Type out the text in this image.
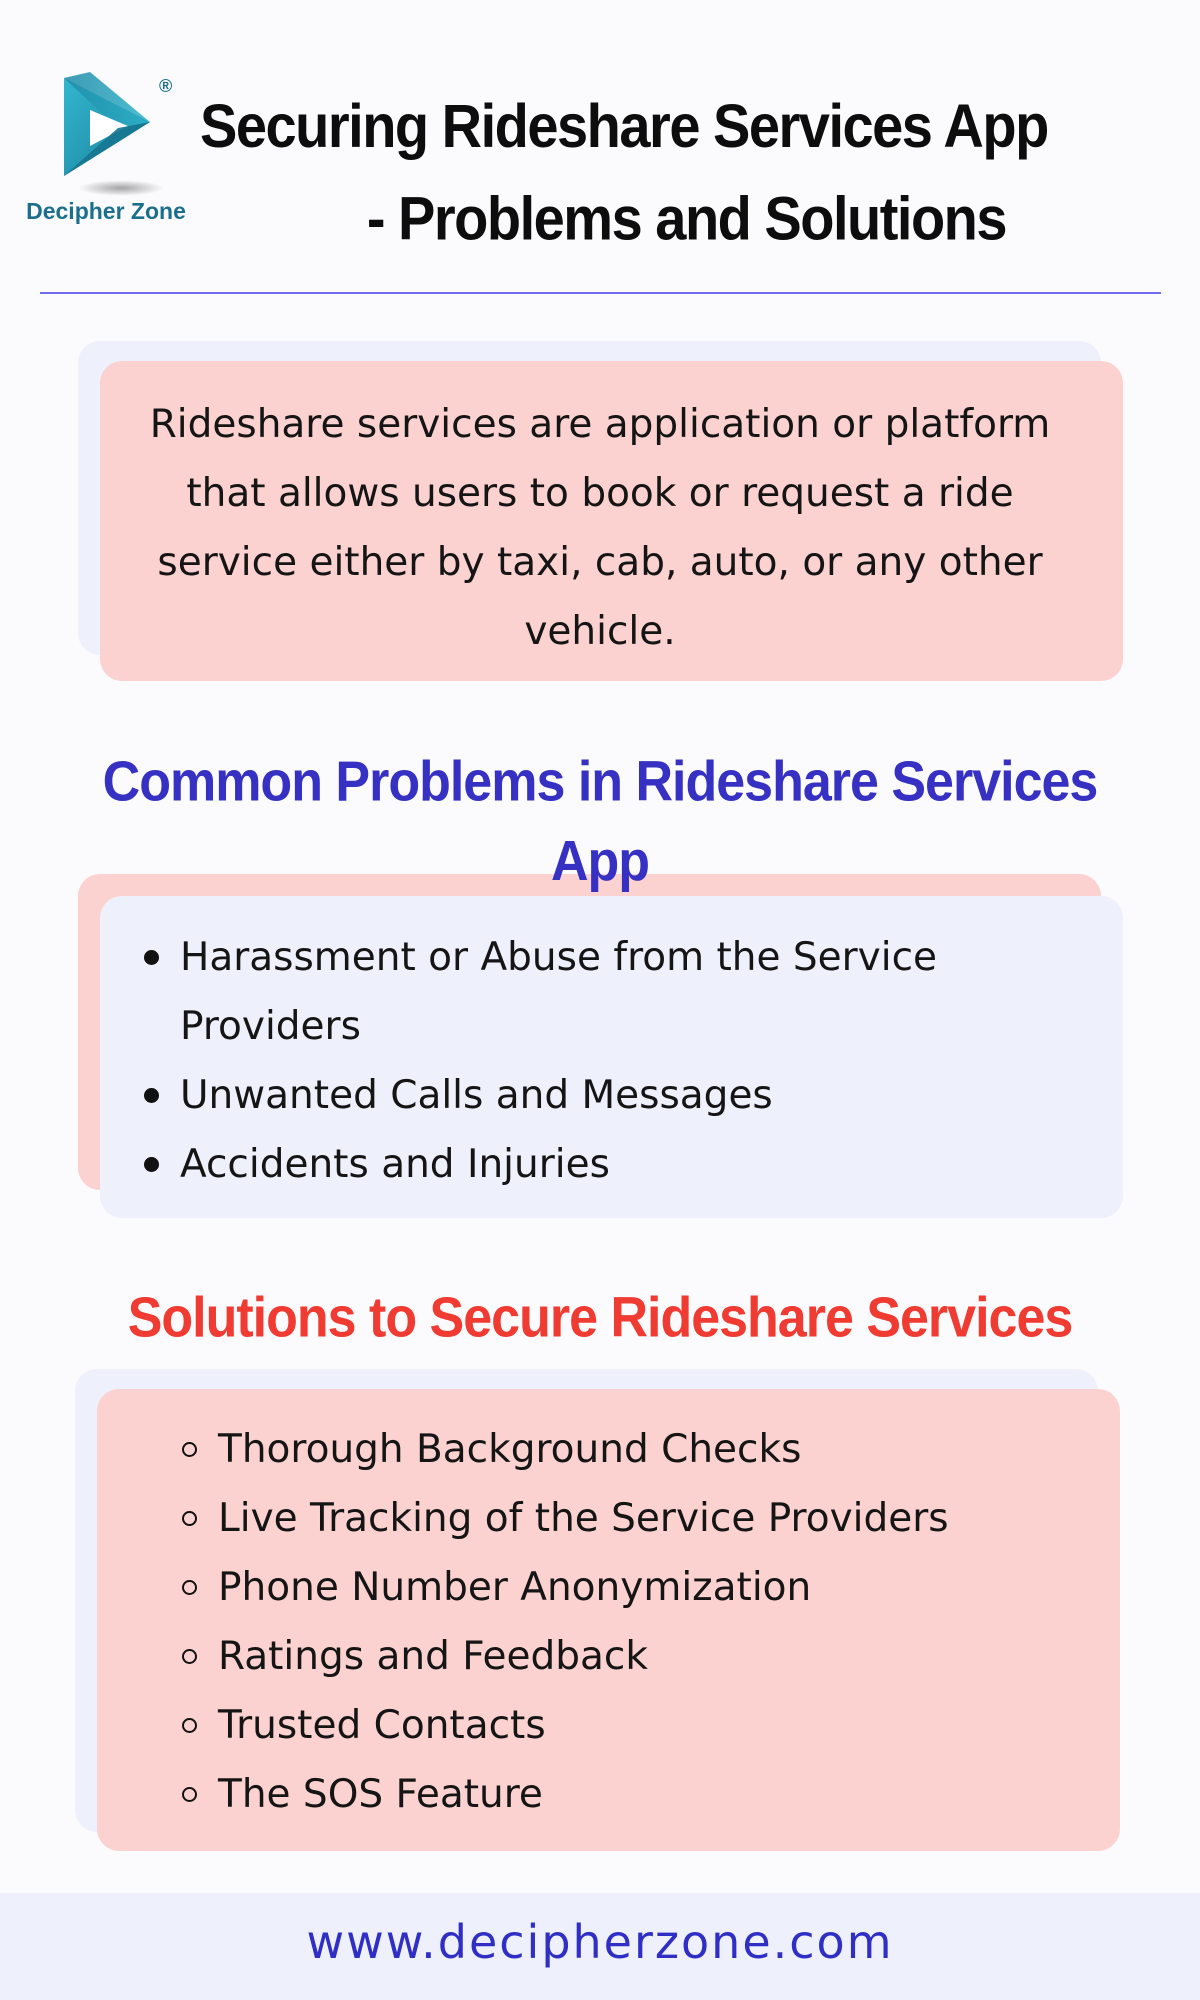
®
Decipher Zone
Securing Rideshare Services App
- Problems and Solutions
Rideshare services are application or platform that allows users to book or request a ride service either by taxi, cab, auto, or any other vehicle.
Common Problems in Rideshare Services App
Harassment or Abuse from the Service Providers
Unwanted Calls and Messages
Accidents and Injuries
Solutions to Secure Rideshare Services
Thorough Background Checks
Live Tracking of the Service Providers
Phone Number Anonymization
Ratings and Feedback
Trusted Contacts
The SOS Feature
www.decipherzone.com
